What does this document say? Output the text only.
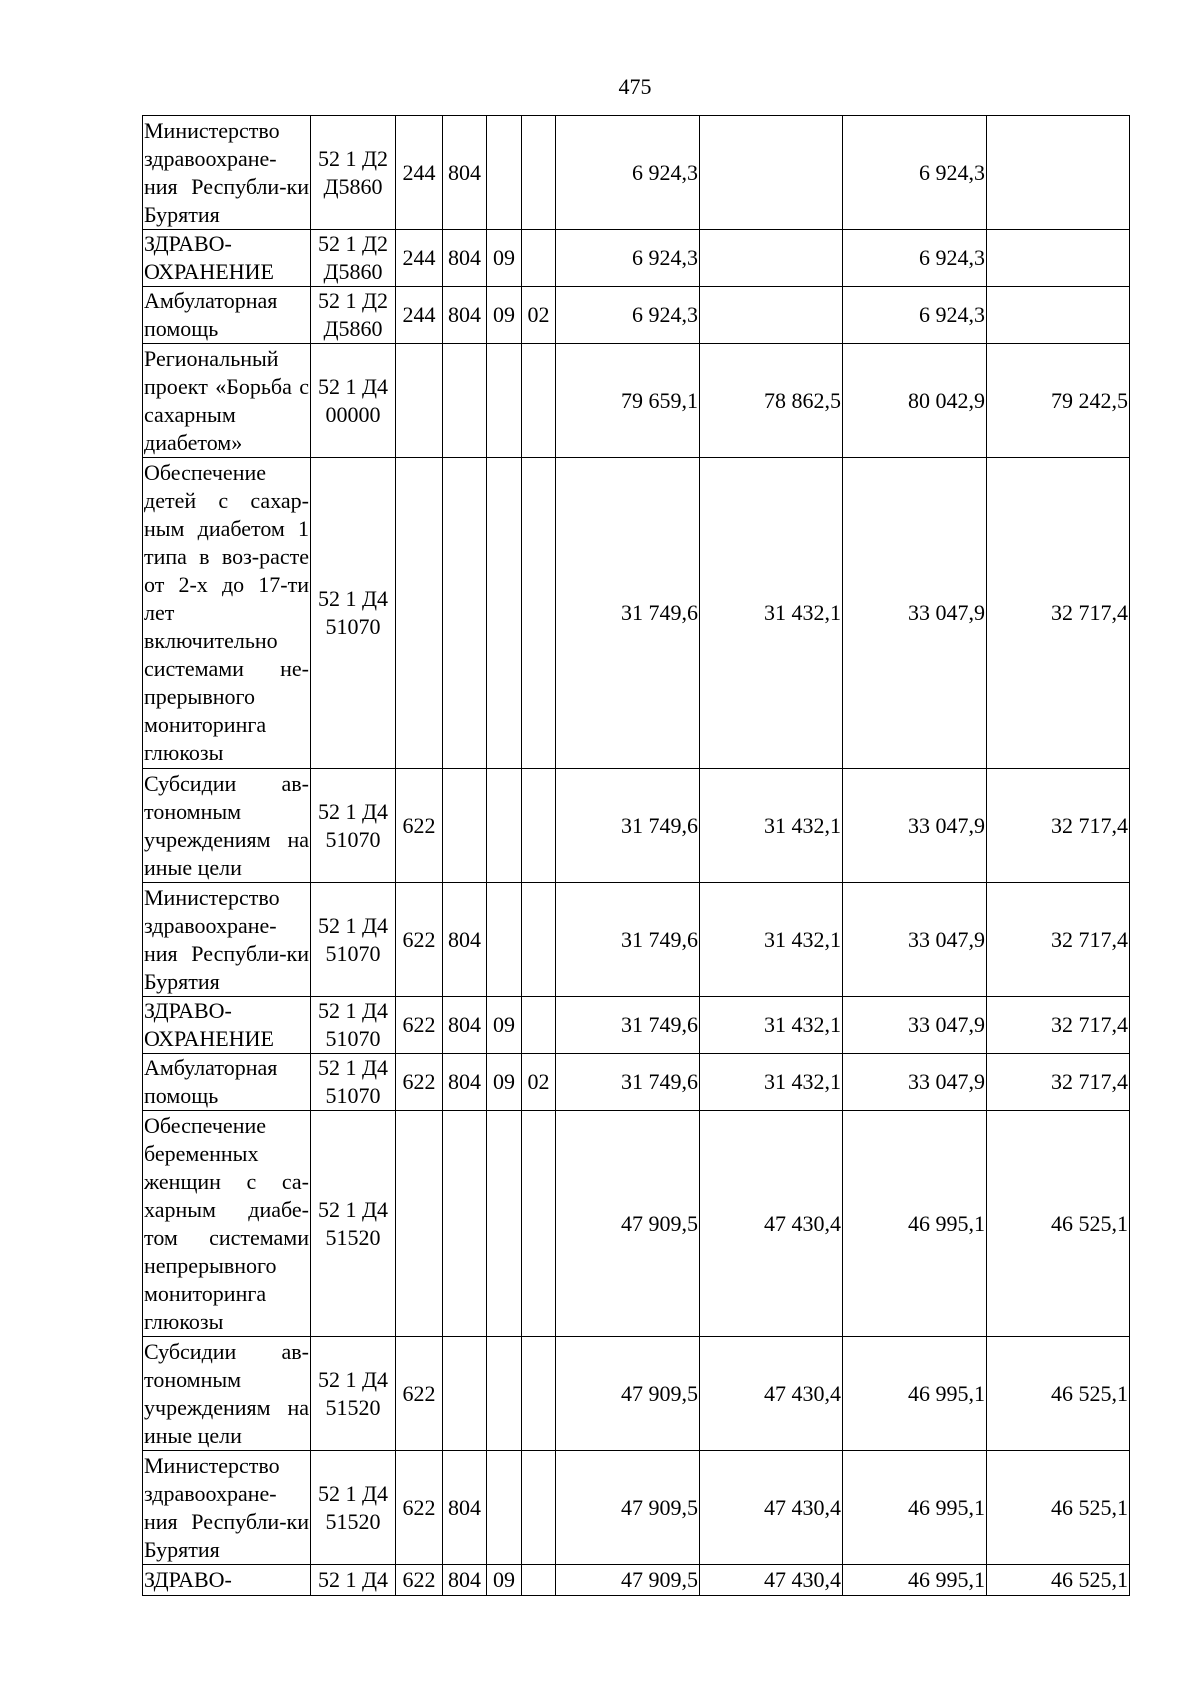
475
Министерство здравоохране-ния Республи-ки Бурятия	52 1 Д2 Д5860	244	804			6 924,3		6 924,3	
ЗДРАВО-ОХРАНЕНИЕ	52 1 Д2 Д5860	244	804	09		6 924,3		6 924,3	
Амбулаторная помощь	52 1 Д2 Д5860	244	804	09	02	6 924,3		6 924,3	
Региональный проект «Борьба с сахарным диабетом»	52 1 Д4 00000					79 659,1	78 862,5	80 042,9	79 242,5
Обеспечение детей с сахар-ным диабетом 1 типа в воз-расте от 2-х до 17-ти лет включительно системами не-прерывного мониторинга глюкозы	52 1 Д4 51070					31 749,6	31 432,1	33 047,9	32 717,4
Субсидии ав-тономным учреждениям на иные цели	52 1 Д4 51070	622				31 749,6	31 432,1	33 047,9	32 717,4
Министерство здравоохране-ния Республи-ки Бурятия	52 1 Д4 51070	622	804			31 749,6	31 432,1	33 047,9	32 717,4
ЗДРАВО-ОХРАНЕНИЕ	52 1 Д4 51070	622	804	09		31 749,6	31 432,1	33 047,9	32 717,4
Амбулаторная помощь	52 1 Д4 51070	622	804	09	02	31 749,6	31 432,1	33 047,9	32 717,4
Обеспечение беременных женщин с са-харным диабе-том системами непрерывного мониторинга глюкозы	52 1 Д4 51520					47 909,5	47 430,4	46 995,1	46 525,1
Субсидии ав-тономным учреждениям на иные цели	52 1 Д4 51520	622				47 909,5	47 430,4	46 995,1	46 525,1
Министерство здравоохране-ния Республи-ки Бурятия	52 1 Д4 51520	622	804			47 909,5	47 430,4	46 995,1	46 525,1
ЗДРАВО-	52 1 Д4	622	804	09		47 909,5	47 430,4	46 995,1	46 525,1
